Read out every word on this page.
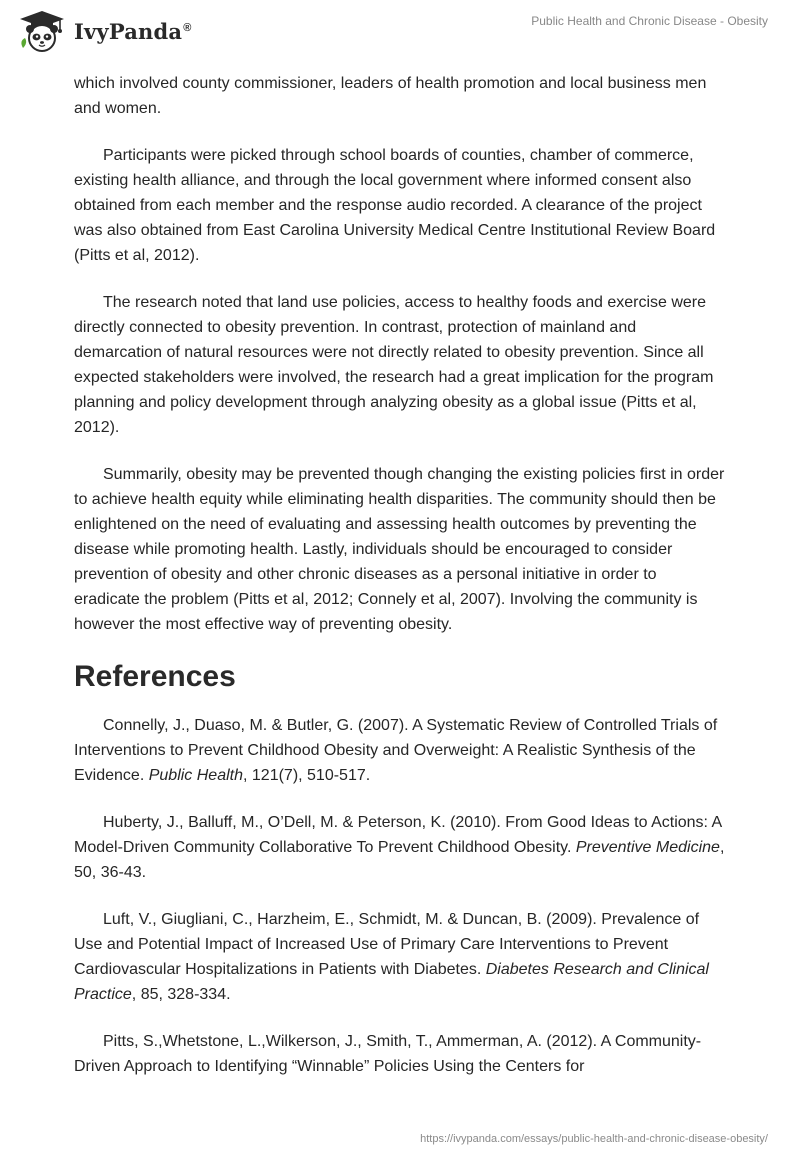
IvyPanda®	Public Health and Chronic Disease - Obesity

which involved county commissioner, leaders of health promotion and local business men and women.

Participants were picked through school boards of counties, chamber of commerce, existing health alliance, and through the local government where informed consent also obtained from each member and the response audio recorded. A clearance of the project was also obtained from East Carolina University Medical Centre Institutional Review Board (Pitts et al, 2012).

The research noted that land use policies, access to healthy foods and exercise were directly connected to obesity prevention. In contrast, protection of mainland and demarcation of natural resources were not directly related to obesity prevention. Since all expected stakeholders were involved, the research had a great implication for the program planning and policy development through analyzing obesity as a global issue (Pitts et al, 2012).

Summarily, obesity may be prevented though changing the existing policies first in order to achieve health equity while eliminating health disparities. The community should then be enlightened on the need of evaluating and assessing health outcomes by preventing the disease while promoting health. Lastly, individuals should be encouraged to consider prevention of obesity and other chronic diseases as a personal initiative in order to eradicate the problem (Pitts et al, 2012; Connely et al, 2007). Involving the community is however the most effective way of preventing obesity.

References

Connelly, J., Duaso, M. & Butler, G. (2007). A Systematic Review of Controlled Trials of Interventions to Prevent Childhood Obesity and Overweight: A Realistic Synthesis of the Evidence. Public Health, 121(7), 510-517.

Huberty, J., Balluff, M., O’Dell, M. & Peterson, K. (2010). From Good Ideas to Actions: A Model-Driven Community Collaborative To Prevent Childhood Obesity. Preventive Medicine, 50, 36-43.

Luft, V., Giugliani, C., Harzheim, E., Schmidt, M. & Duncan, B. (2009). Prevalence of Use and Potential Impact of Increased Use of Primary Care Interventions to Prevent Cardiovascular Hospitalizations in Patients with Diabetes. Diabetes Research and Clinical Practice, 85, 328-334.

Pitts, S.,Whetstone, L.,Wilkerson, J., Smith, T., Ammerman, A. (2012). A Community-Driven Approach to Identifying “Winnable” Policies Using the Centers for

https://ivypanda.com/essays/public-health-and-chronic-disease-obesity/
